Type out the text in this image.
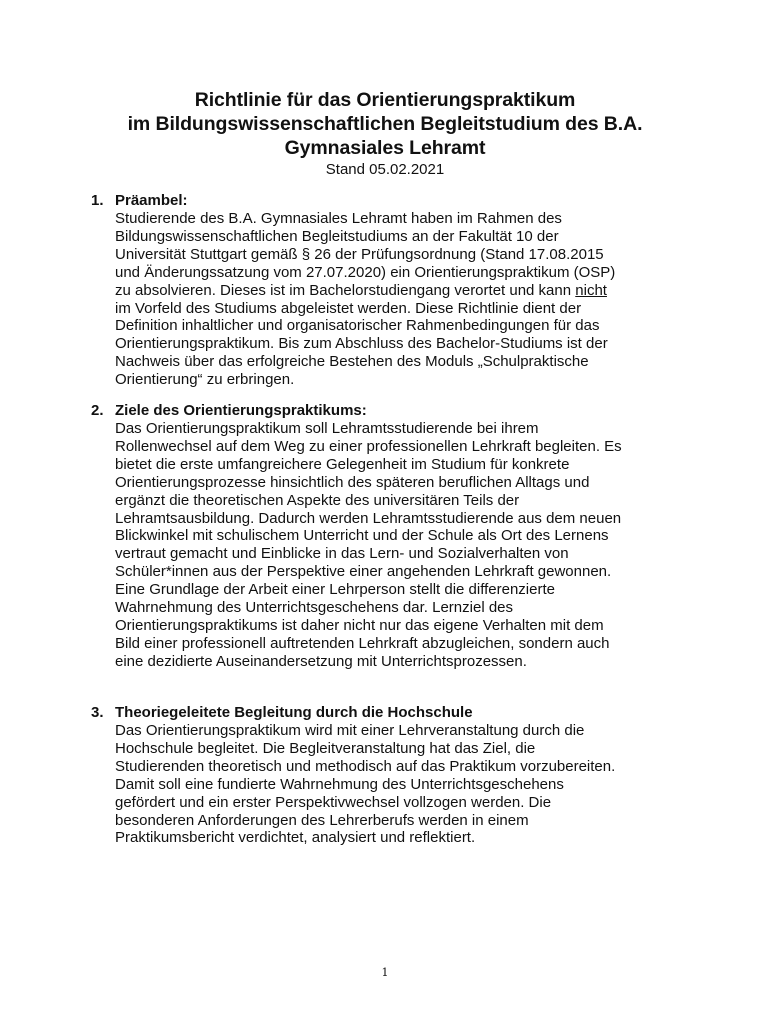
Richtlinie für das Orientierungspraktikum
im Bildungswissenschaftlichen Begleitstudium des B.A.
Gymnasiales Lehramt
Stand 05.02.2021
1. Präambel:
Studierende des B.A. Gymnasiales Lehramt haben im Rahmen des
Bildungswissenschaftlichen Begleitstudiums an der Fakultät 10 der
Universität Stuttgart gemäß § 26 der Prüfungsordnung (Stand 17.08.2015
und Änderungssatzung vom 27.07.2020) ein Orientierungspraktikum (OSP)
zu absolvieren. Dieses ist im Bachelorstudiengang verortet und kann nicht
im Vorfeld des Studiums abgeleistet werden. Diese Richtlinie dient der
Definition inhaltlicher und organisatorischer Rahmenbedingungen für das
Orientierungspraktikum. Bis zum Abschluss des Bachelor-Studiums ist der
Nachweis über das erfolgreiche Bestehen des Moduls „Schulpraktische
Orientierung“ zu erbringen.
2. Ziele des Orientierungspraktikums:
Das Orientierungspraktikum soll Lehramtsstudierende bei ihrem
Rollenwechsel auf dem Weg zu einer professionellen Lehrkraft begleiten. Es
bietet die erste umfangreichere Gelegenheit im Studium für konkrete
Orientierungsprozesse hinsichtlich des späteren beruflichen Alltags und
ergänzt die theoretischen Aspekte des universitären Teils der
Lehramtsausbildung. Dadurch werden Lehramtsstudierende aus dem neuen
Blickwinkel mit schulischem Unterricht und der Schule als Ort des Lernens
vertraut gemacht und Einblicke in das Lern- und Sozialverhalten von
Schüler*innen aus der Perspektive einer angehenden Lehrkraft gewonnen.
Eine Grundlage der Arbeit einer Lehrperson stellt die differenzierte
Wahrnehmung des Unterrichtsgeschehens dar. Lernziel des
Orientierungspraktikums ist daher nicht nur das eigene Verhalten mit dem
Bild einer professionell auftretenden Lehrkraft abzugleichen, sondern auch
eine dezidierte Auseinandersetzung mit Unterrichtsprozessen.
3. Theoriegeleitete Begleitung durch die Hochschule
Das Orientierungspraktikum wird mit einer Lehrveranstaltung durch die
Hochschule begleitet. Die Begleitveranstaltung hat das Ziel, die
Studierenden theoretisch und methodisch auf das Praktikum vorzubereiten.
Damit soll eine fundierte Wahrnehmung des Unterrichtsgeschehens
gefördert und ein erster Perspektivwechsel vollzogen werden. Die
besonderen Anforderungen des Lehrerberufs werden in einem
Praktikumsbericht verdichtet, analysiert und reflektiert.
1
